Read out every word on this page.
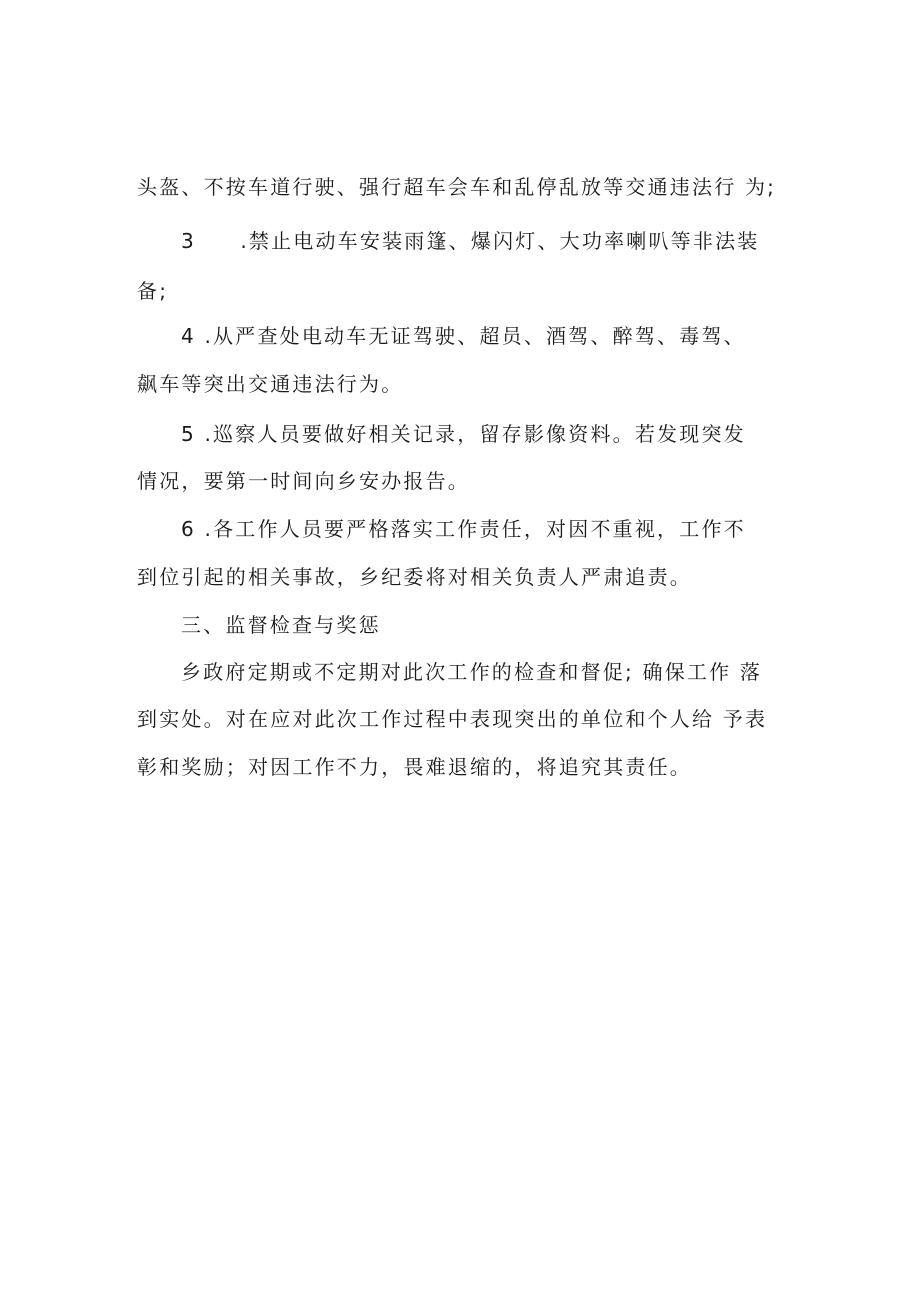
头盔、不按车道行驶、强行超车会车和乱停乱放等交通违法行 为;
3　　.禁止电动车安装雨篷、爆闪灯、大功率喇叭等非法装
备;
4 .从严查处电动车无证驾驶、超员、酒驾、醉驾、毒驾、
飙车等突出交通违法行为。
5 .巡察人员要做好相关记录，留存影像资料。若发现突发
情况，要第一时间向乡安办报告。
6 .各工作人员要严格落实工作责任，对因不重视，工作不
到位引起的相关事故，乡纪委将对相关负责人严肃追责。
三、监督检查与奖惩
乡政府定期或不定期对此次工作的检查和督促; 确保工作 落
到实处。对在应对此次工作过程中表现突出的单位和个人给 予表
彰和奖励；对因工作不力，畏难退缩的，将追究其责任。
